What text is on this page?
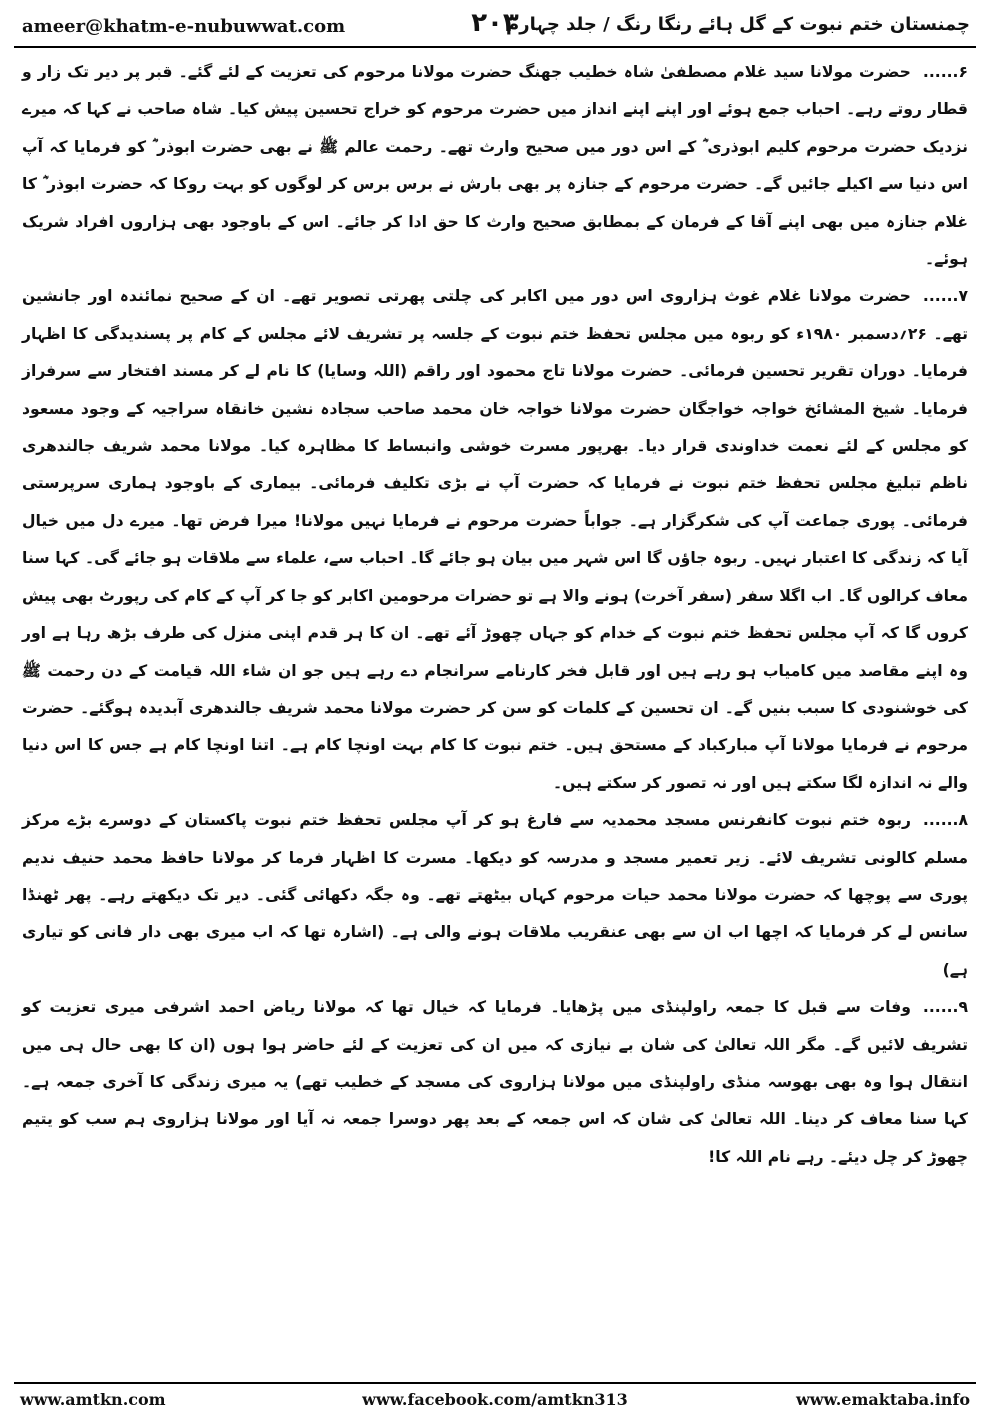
ameer@khatm-e-nubuwwat.com	۲۰۳
چمنستان ختم نبوت کے گل ہائے رنگا رنگ / جلد چہارم

۶......حضرت مولانا سید غلام مصطفیٰ شاہ خطیب جھنگ حضرت مولانا مرحوم کی تعزیت کے لئے گئے۔ قبر پر دیر تک زار و قطار روتے رہے۔ احباب جمع ہوئے اور اپنے اپنے انداز میں حضرت مرحوم کو خراج تحسین پیش کیا۔ شاہ صاحب نے کہا کہ میرے نزدیک حضرت مرحوم کلیم ابوذری ؓ کے اس دور میں صحیح وارث تھے۔ رحمت عالم ﷺ نے بھی حضرت ابوذر ؓ کو فرمایا کہ آپ اس دنیا سے اکیلے جائیں گے۔ حضرت مرحوم کے جنازہ پر بھی بارش نے برس برس کر لوگوں کو بہت روکا کہ حضرت ابوذر ؓ کا غلام جنازہ میں بھی اپنے آقا کے فرمان کے بمطابق صحیح وارث کا حق ادا کر جائے۔ اس کے باوجود بھی ہزاروں افراد شریک ہوئے۔

۷......حضرت مولانا غلام غوث ہزاروی اس دور میں اکابر کی چلتی پھرتی تصویر تھے۔ ان کے صحیح نمائندہ اور جانشین تھے۔ ۲۶؍دسمبر ۱۹۸۰ء کو ربوہ میں مجلس تحفظ ختم نبوت کے جلسہ پر تشریف لائے مجلس کے کام پر پسندیدگی کا اظہار فرمایا۔ دوران تقریر تحسین فرمائی۔ حضرت مولانا تاج محمود اور راقم (اللہ وسایا) کا نام لے کر مسند افتخار سے سرفراز فرمایا۔ شیخ المشائخ خواجہ خواجگان حضرت مولانا خواجہ خان محمد صاحب سجادہ نشین خانقاہ سراجیہ کے وجود مسعود کو مجلس کے لئے نعمت خداوندی قرار دیا۔ بھرپور مسرت خوشی وانبساط کا مظاہرہ کیا۔ مولانا محمد شریف جالندھری ناظم تبلیغ مجلس تحفظ ختم نبوت نے فرمایا کہ حضرت آپ نے بڑی تکلیف فرمائی۔ بیماری کے باوجود ہماری سرپرستی فرمائی۔ پوری جماعت آپ کی شکرگزار ہے۔ جواباً حضرت مرحوم نے فرمایا نہیں مولانا! میرا فرض تھا۔ میرے دل میں خیال آیا کہ زندگی کا اعتبار نہیں۔ ربوہ جاؤں گا اس شہر میں بیان ہو جائے گا۔ احباب سے، علماء سے ملاقات ہو جائے گی۔ کہا سنا معاف کرالوں گا۔ اب اگلا سفر (سفر آخرت) ہونے والا ہے تو حضرات مرحومین اکابر کو جا کر آپ کے کام کی رپورٹ بھی پیش کروں گا کہ آپ مجلس تحفظ ختم نبوت کے خدام کو جہاں چھوڑ آئے تھے۔ ان کا ہر قدم اپنی منزل کی طرف بڑھ رہا ہے اور وہ اپنے مقاصد میں کامیاب ہو رہے ہیں اور قابل فخر کارنامے سرانجام دے رہے ہیں جو ان شاء اللہ قیامت کے دن رحمت ﷺ کی خوشنودی کا سبب بنیں گے۔ ان تحسین کے کلمات کو سن کر حضرت مولانا محمد شریف جالندھری آبدیدہ ہوگئے۔ حضرت مرحوم نے فرمایا مولانا آپ مبارکباد کے مستحق ہیں۔ ختم نبوت کا کام بہت اونچا کام ہے۔ اتنا اونچا کام ہے جس کا اس دنیا والے نہ اندازہ لگا سکتے ہیں اور نہ تصور کر سکتے ہیں۔

۸......ربوہ ختم نبوت کانفرنس مسجد محمدیہ سے فارغ ہو کر آپ مجلس تحفظ ختم نبوت پاکستان کے دوسرے بڑے مرکز مسلم کالونی تشریف لائے۔ زیر تعمیر مسجد و مدرسہ کو دیکھا۔ مسرت کا اظہار فرما کر مولانا حافظ محمد حنیف ندیم پوری سے پوچھا کہ حضرت مولانا محمد حیات مرحوم کہاں بیٹھتے تھے۔ وہ جگہ دکھائی گئی۔ دیر تک دیکھتے رہے۔ پھر ٹھنڈا سانس لے کر فرمایا کہ اچھا اب ان سے بھی عنقریب ملاقات ہونے والی ہے۔ (اشارہ تھا کہ اب میری بھی دار فانی کو تیاری ہے)

۹......وفات سے قبل کا جمعہ راولپنڈی میں پڑھایا۔ فرمایا کہ خیال تھا کہ مولانا ریاض احمد اشرفی میری تعزیت کو تشریف لائیں گے۔ مگر اللہ تعالیٰ کی شان بے نیازی کہ میں ان کی تعزیت کے لئے حاضر ہوا ہوں (ان کا بھی حال ہی میں انتقال ہوا وہ بھی بھوسہ منڈی راولپنڈی میں مولانا ہزاروی کی مسجد کے خطیب تھے) یہ میری زندگی کا آخری جمعہ ہے۔ کہا سنا معاف کر دینا۔ اللہ تعالیٰ کی شان کہ اس جمعہ کے بعد پھر دوسرا جمعہ نہ آیا اور مولانا ہزاروی ہم سب کو یتیم چھوڑ کر چل دیئے۔ رہے نام اللہ کا!

www.amtkn.com	www.facebook.com/amtkn313	www.emaktaba.info
